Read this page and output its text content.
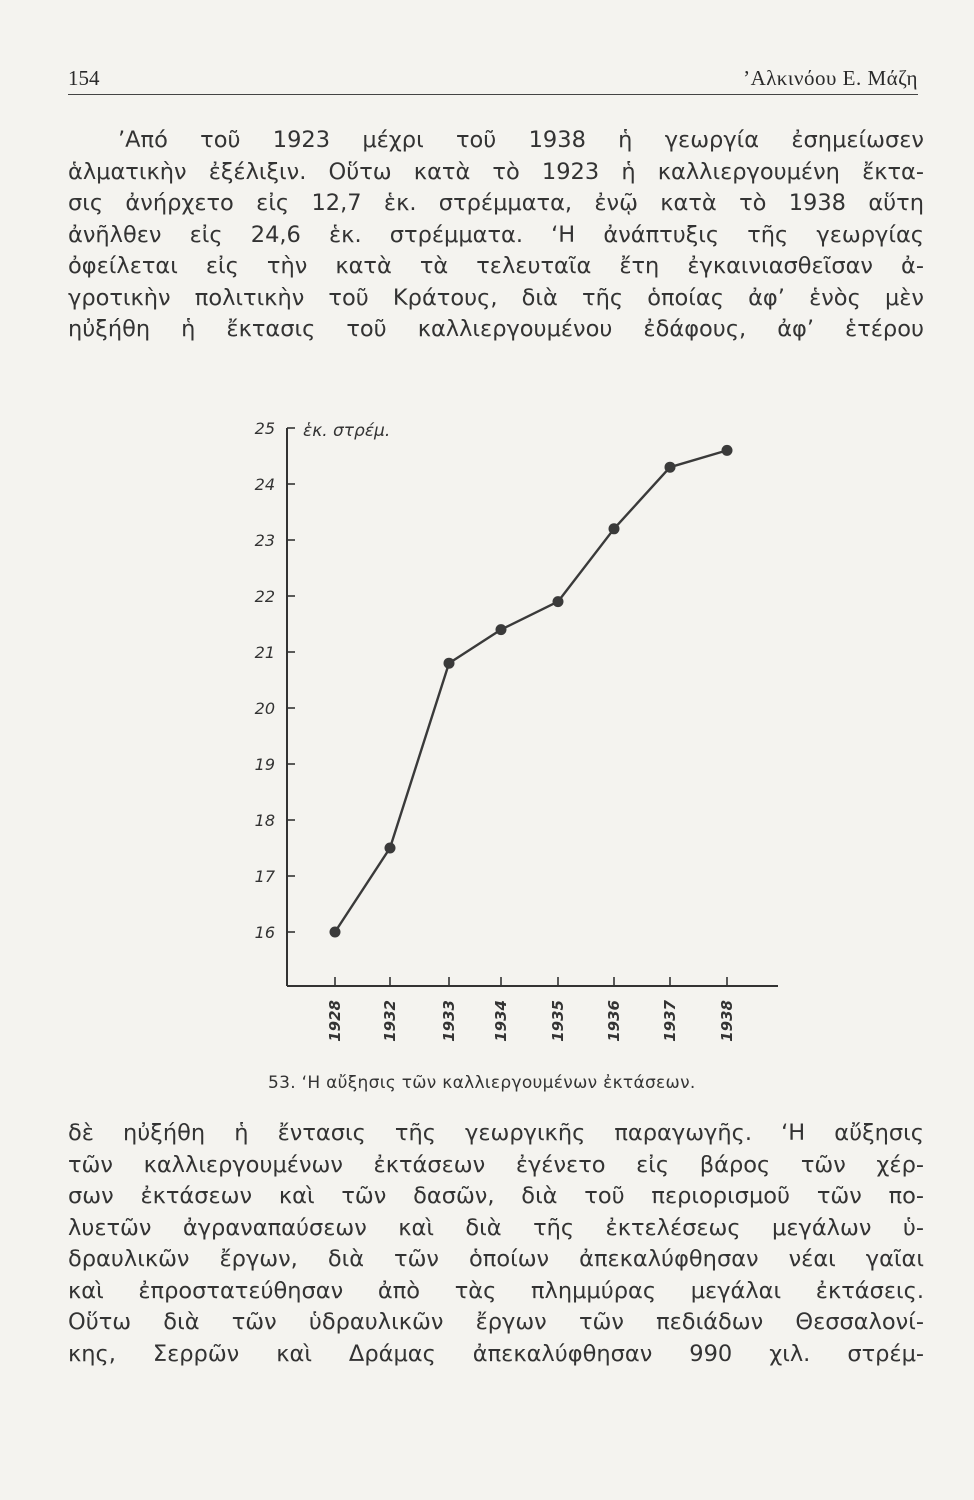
154	’Αλκινόου Ε. Μάζη
’Από τοῦ 1923 μέχρι τοῦ 1938 ἡ γεωργία ἐσημείωσεν
ἁλματικὴν ἐξέλιξιν. Οὕτω κατὰ τὸ 1923 ἡ καλλιεργουμένη ἔκτα-
σις ἀνήρχετο εἰς 12,7 ἑκ. στρέμματα, ἐνῷ κατὰ τὸ 1938 αὕτη
ἀνῆλθεν εἰς 24,6 ἑκ. στρέμματα. ‘Η ἀνάπτυξις τῆς γεωργίας
ὀφείλεται εἰς τὴν κατὰ τὰ τελευταῖα ἔτη ἐγκαινιασθεῖσαν ἀ-
γροτικὴν πολιτικὴν τοῦ Κράτους, διὰ τῆς ὁποίας ἀφ’ ἑνὸς μὲν
ηὐξήθη ἡ ἔκτασις τοῦ καλλιεργουμένου ἐδάφους, ἀφ’ ἑτέρου
16
17
18
19
20
21
22
23
24
25 ἑκ. στρέμ.
1928 1932	1933 1934	1935	1936	1937	1938
53. ‘Η αὔξησις τῶν καλλιεργουμένων ἐκτάσεων.
δὲ ηὐξήθη ἡ ἔντασις τῆς γεωργικῆς παραγωγῆς. ‘Η αὔξησις
τῶν καλλιεργουμένων ἐκτάσεων ἐγένετο εἰς βάρος τῶν χέρ-
σων ἐκτάσεων καὶ τῶν δασῶν, διὰ τοῦ περιορισμοῦ τῶν πο-
λυετῶν ἀγραναπαύσεων καὶ διὰ τῆς ἐκτελέσεως μεγάλων ὑ-
δραυλικῶν ἔργων, διὰ τῶν ὁποίων ἀπεκαλύφθησαν νέαι γαῖαι
καὶ ἐπροστατεύθησαν ἀπὸ τὰς πλημμύρας μεγάλαι ἐκτάσεις.
Οὕτω διὰ τῶν ὑδραυλικῶν ἔργων τῶν πεδιάδων Θεσσαλονί-
κης, Σερρῶν καὶ Δράμας ἀπεκαλύφθησαν 990 χιλ. στρέμ-
